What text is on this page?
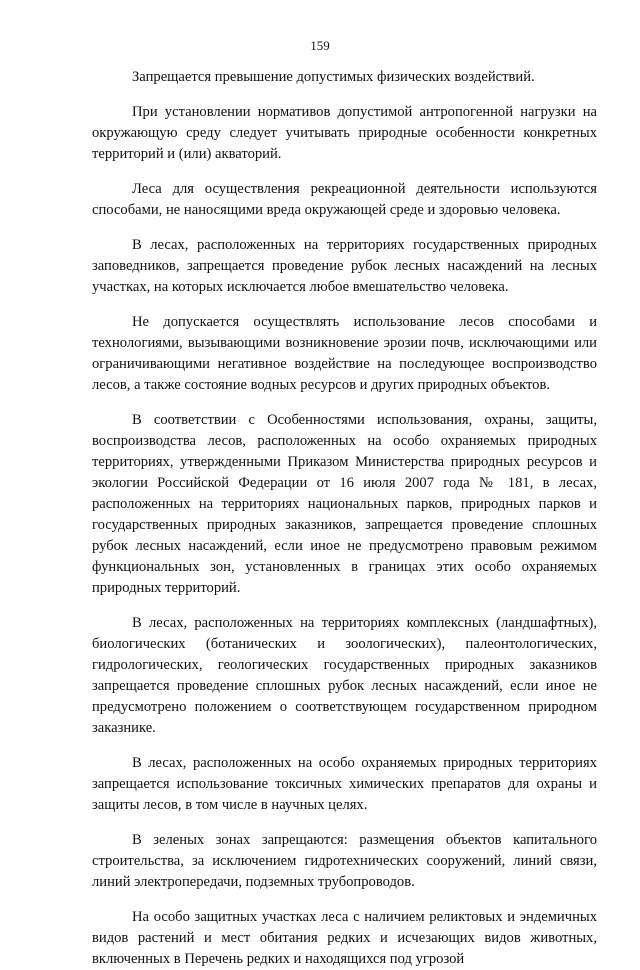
159

Запрещается превышение допустимых физических воздействий.

При установлении нормативов допустимой антропогенной нагрузки на окружающую среду следует учитывать природные особенности конкретных территорий и (или) акваторий.

Леса для осуществления рекреационной деятельности используются способами, не наносящими вреда окружающей среде и здоровью человека.

В лесах, расположенных на территориях государственных природных заповедников, запрещается проведение рубок лесных насаждений на лесных участках, на которых исключается любое вмешательство человека.

Не допускается осуществлять использование лесов способами и технологиями, вызывающими возникновение эрозии почв, исключающими или ограничивающими негативное воздействие на последующее воспроизводство лесов, а также состояние водных ресурсов и других природных объектов.

В соответствии с Особенностями использования, охраны, защиты, воспроизводства лесов, расположенных на особо охраняемых природных территориях, утвержденными Приказом Министерства природных ресурсов и экологии Российской Федерации от 16 июля 2007 года № 181, в лесах, расположенных на территориях национальных парков, природных парков и государственных природных заказников, запрещается проведение сплошных рубок лесных насаждений, если иное не предусмотрено правовым режимом функциональных зон, установленных в границах этих особо охраняемых природных территорий.

В лесах, расположенных на территориях комплексных (ландшафтных), биологических (ботанических и зоологических), палеонтологических, гидрологических, геологических государственных природных заказников запрещается проведение сплошных рубок лесных насаждений, если иное не предусмотрено положением о соответствующем государственном природном заказнике.

В лесах, расположенных на особо охраняемых природных территориях запрещается использование токсичных химических препаратов для охраны и защиты лесов, в том числе в научных целях.

В зеленых зонах запрещаются: размещения объектов капитального строительства, за исключением гидротехнических сооружений, линий связи, линий электропередачи, подземных трубопроводов.

На особо защитных участках леса с наличием реликтовых и эндемичных видов растений и мест обитания редких и исчезающих видов животных, включенных в Перечень редких и находящихся под угрозой
